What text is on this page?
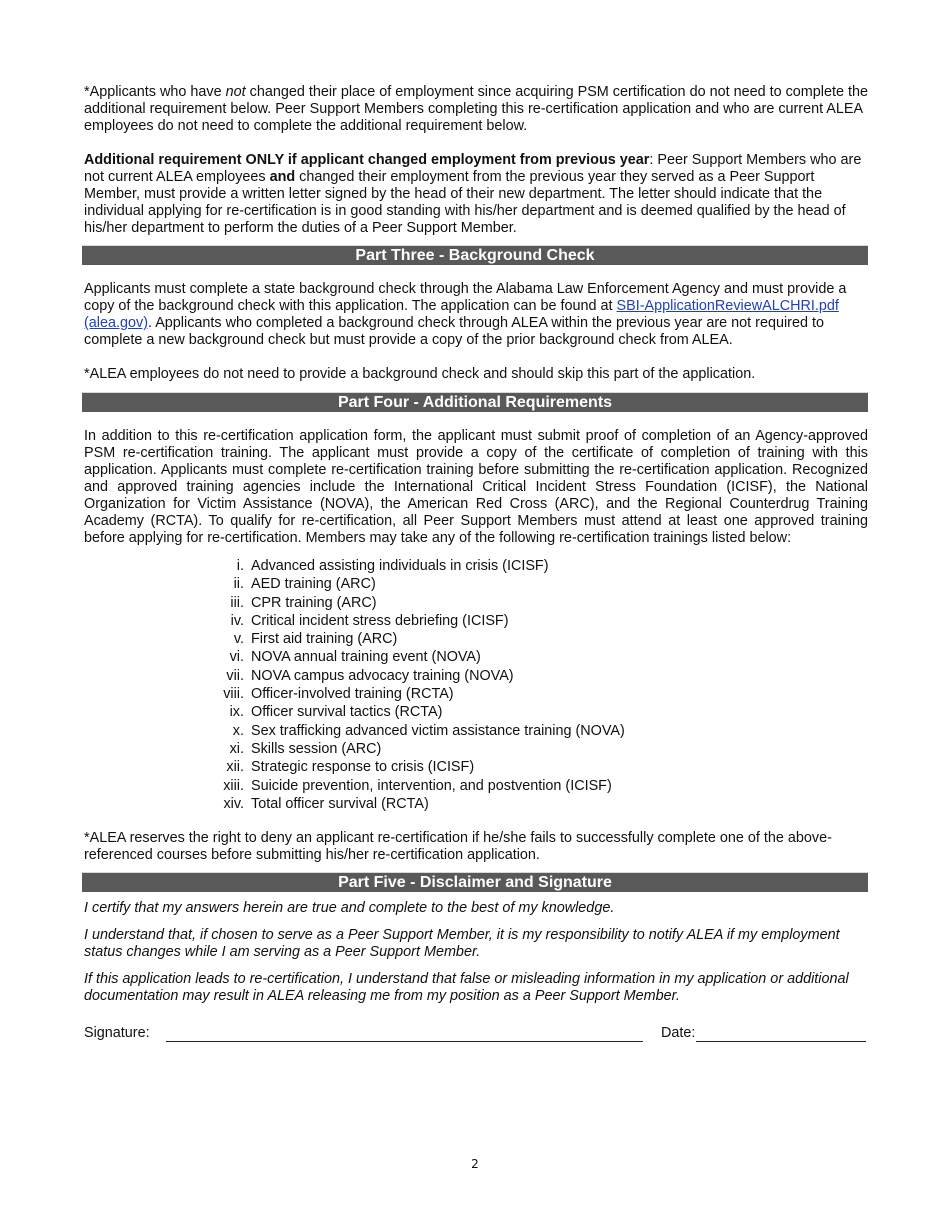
*Applicants who have not changed their place of employment since acquiring PSM certification do not need to complete the additional requirement below. Peer Support Members completing this re-certification application and who are current ALEA employees do not need to complete the additional requirement below.

Additional requirement ONLY if applicant changed employment from previous year: Peer Support Members who are not current ALEA employees and changed their employment from the previous year they served as a Peer Support Member, must provide a written letter signed by the head of their new department. The letter should indicate that the individual applying for re-certification is in good standing with his/her department and is deemed qualified by the head of his/her department to perform the duties of a Peer Support Member.

Part Three - Background Check

Applicants must complete a state background check through the Alabama Law Enforcement Agency and must provide a copy of the background check with this application. The application can be found at SBI-ApplicationReviewALCHRI.pdf (alea.gov). Applicants who completed a background check through ALEA within the previous year are not required to complete a new background check but must provide a copy of the prior background check from ALEA.

*ALEA employees do not need to provide a background check and should skip this part of the application.

Part Four - Additional Requirements

In addition to this re-certification application form, the applicant must submit proof of completion of an Agency-approved PSM re-certification training. The applicant must provide a copy of the certificate of completion of training with this application. Applicants must complete re-certification training before submitting the re-certification application. Recognized and approved training agencies include the International Critical Incident Stress Foundation (ICISF), the National Organization for Victim Assistance (NOVA), the American Red Cross (ARC), and the Regional Counterdrug Training Academy (RCTA). To qualify for re-certification, all Peer Support Members must attend at least one approved training before applying for re-certification. Members may take any of the following re-certification trainings listed below:

i. Advanced assisting individuals in crisis (ICISF)
ii. AED training (ARC)
iii. CPR training (ARC)
iv. Critical incident stress debriefing (ICISF)
v. First aid training (ARC)
vi. NOVA annual training event (NOVA)
vii. NOVA campus advocacy training (NOVA)
viii. Officer-involved training (RCTA)
ix. Officer survival tactics (RCTA)
x. Sex trafficking advanced victim assistance training (NOVA)
xi. Skills session (ARC)
xii. Strategic response to crisis (ICISF)
xiii. Suicide prevention, intervention, and postvention (ICISF)
xiv. Total officer survival (RCTA)

*ALEA reserves the right to deny an applicant re-certification if he/she fails to successfully complete one of the above-referenced courses before submitting his/her re-certification application.

Part Five - Disclaimer and Signature

I certify that my answers herein are true and complete to the best of my knowledge.

I understand that, if chosen to serve as a Peer Support Member, it is my responsibility to notify ALEA if my employment status changes while I am serving as a Peer Support Member.

If this application leads to re-certification, I understand that false or misleading information in my application or additional documentation may result in ALEA releasing me from my position as a Peer Support Member.

Signature:	Date:
2
